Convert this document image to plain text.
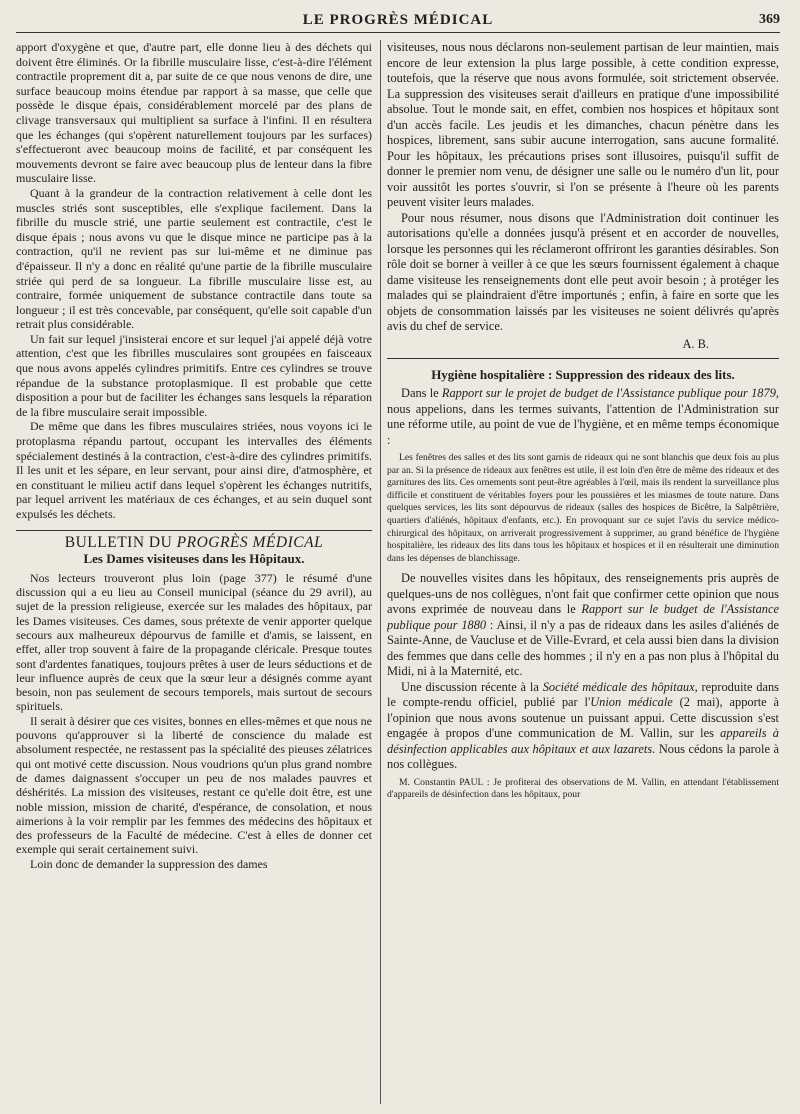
LE PROGRÈS MÉDICAL	369

apport d'oxygène et que, d'autre part, elle donne lieu à des déchets qui doivent être éliminés. Or la fibrille musculaire lisse, c'est-à-dire l'élément contractile proprement dit a, par suite de ce que nous venons de dire, une surface beaucoup moins étendue par rapport à sa masse, que celle que possède le disque épais, considérablement morcelé par des plans de clivage transversaux qui multiplient sa surface à l'infini. Il en résultera que les échanges (qui s'opèrent naturellement toujours par les surfaces) s'effectueront avec beaucoup moins de facilité, et par conséquent les mouvements devront se faire avec beaucoup plus de lenteur dans la fibre musculaire lisse.

Quant à la grandeur de la contraction relativement à celle dont les muscles striés sont susceptibles, elle s'explique facilement. Dans la fibrille du muscle strié, une partie seulement est contractile, c'est le disque épais ; nous avons vu que le disque mince ne participe pas à la contraction, qu'il ne revient pas sur lui-même et ne diminue pas d'épaisseur. Il n'y a donc en réalité qu'une partie de la fibrille musculaire striée qui perd de sa longueur. La fibrille musculaire lisse est, au contraire, formée uniquement de substance contractile dans toute sa longueur ; il est très concevable, par conséquent, qu'elle soit capable d'un retrait plus considérable.

Un fait sur lequel j'insisterai encore et sur lequel j'ai appelé déjà votre attention, c'est que les fibrilles musculaires sont groupées en faisceaux que nous avons appelés cylindres primitifs. Entre ces cylindres se trouve répandue de la substance protoplasmique. Il est probable que cette disposition a pour but de faciliter les échanges sans lesquels la réparation de la fibre musculaire serait impossible.

De même que dans les fibres musculaires striées, nous voyons ici le protoplasma répandu partout, occupant les intervalles des éléments spécialement destinés à la contraction, c'est-à-dire des cylindres primitifs. Il les unit et les sépare, en leur servant, pour ainsi dire, d'atmosphère, et en constituant le milieu actif dans lequel s'opèrent les échanges nutritifs, par lequel arrivent les matériaux de ces échanges, et au sein duquel sont expulsés les déchets.

BULLETIN DU PROGRÈS MÉDICAL
Les Dames visiteuses dans les Hôpitaux.

Nos lecteurs trouveront plus loin (page 377) le résumé d'une discussion qui a eu lieu au Conseil municipal (séance du 29 avril), au sujet de la pression religieuse, exercée sur les malades des hôpitaux, par les Dames visiteuses. Ces dames, sous prétexte de venir apporter quelque secours aux malheureux dépourvus de famille et d'amis, se laissent, en effet, aller trop souvent à faire de la propagande cléricale. Presque toutes sont d'ardentes fanatiques, toujours prêtes à user de leurs séductions et de leur influence auprès de ceux que la sœur leur a désignés comme ayant besoin, non pas seulement de secours temporels, mais surtout de secours spirituels.

Il serait à désirer que ces visites, bonnes en elles-mêmes et que nous ne pouvons qu'approuver si la liberté de conscience du malade est absolument respectée, ne restassent pas la spécialité des pieuses zélatrices qui ont motivé cette discussion. Nous voudrions qu'un plus grand nombre de dames daignassent s'occuper un peu de nos malades pauvres et déshérités. La mission des visiteuses, restant ce qu'elle doit être, est une noble mission, mission de charité, d'espérance, de consolation, et nous aimerions à la voir remplir par les femmes des médecins des hôpitaux et des professeurs de la Faculté de médecine. C'est à elles de donner cet exemple qui serait certainement suivi.

Loin donc de demander la suppression des dames

visiteuses, nous nous déclarons non-seulement partisan de leur maintien, mais encore de leur extension la plus large possible, à cette condition expresse, toutefois, que la réserve que nous avons formulée, soit strictement observée. La suppression des visiteuses serait d'ailleurs en pratique d'une impossibilité absolue. Tout le monde sait, en effet, combien nos hospices et hôpitaux sont d'un accès facile. Les jeudis et les dimanches, chacun pénètre dans les hospices, librement, sans subir aucune interrogation, sans aucune formalité. Pour les hôpitaux, les précautions prises sont illusoires, puisqu'il suffit de donner le premier nom venu, de désigner une salle ou le numéro d'un lit, pour voir aussitôt les portes s'ouvrir, si l'on se présente à l'heure où les parents peuvent visiter leurs malades.

Pour nous résumer, nous disons que l'Administration doit continuer les autorisations qu'elle a données jusqu'à présent et en accorder de nouvelles, lorsque les personnes qui les réclameront offriront les garanties désirables. Son rôle doit se borner à veiller à ce que les sœurs fournissent également à chaque dame visiteuse les renseignements dont elle peut avoir besoin ; à protéger les malades qui se plaindraient d'être importunés ; enfin, à faire en sorte que les objets de consommation laissés par les visiteuses ne soient délivrés qu'après avis du chef de service.

A. B.
Hygiène hospitalière : Suppression des rideaux des lits.

Dans le Rapport sur le projet de budget de l'Assistance publique pour 1879, nous appelions, dans les termes suivants, l'attention de l'Administration sur une réforme utile, au point de vue de l'hygiène, et en même temps économique :

Les fenêtres des salles et des lits sont garnis de rideaux qui ne sont blanchis que deux fois au plus par an. Si la présence de rideaux aux fenêtres est utile, il est loin d'en être de même des rideaux et des garnitures des lits. Ces ornements sont peut-être agréables à l'œil, mais ils rendent la surveillance plus difficile et constituent de véritables foyers pour les poussières et les miasmes de toute nature. Dans quelques services, les lits sont dépourvus de rideaux (salles des hospices de Bicêtre, la Salpêtrière, quartiers d'aliénés, hôpitaux d'enfants, etc.). En provoquant sur ce sujet l'avis du service médico-chirurgical des hôpitaux, on arriverait progressivement à supprimer, au grand bénéfice de l'hygiène hospitalière, les rideaux des lits dans tous les hôpitaux et hospices et il en résulterait une diminution dans les dépenses de blanchissage.

De nouvelles visites dans les hôpitaux, des renseignements pris auprès de quelques-uns de nos collègues, n'ont fait que confirmer cette opinion que nous avons exprimée de nouveau dans le Rapport sur le budget de l'Assistance publique pour 1880 : Ainsi, il n'y a pas de rideaux dans les asiles d'aliénés de Sainte-Anne, de Vaucluse et de Ville-Evrard, et cela aussi bien dans la division des femmes que dans celle des hommes ; il n'y en a pas non plus à l'hôpital du Midi, ni à la Maternité, etc.

Une discussion récente à la Société médicale des hôpitaux, reproduite dans le compte-rendu officiel, publié par l'Union médicale (2 mai), apporte à l'opinion que nous avons soutenue un puissant appui. Cette discussion s'est engagée à propos d'une communication de M. Vallin, sur les appareils à désinfection applicables aux hôpitaux et aux lazarets. Nous cédons la parole à nos collègues.

M. Constantin PAUL : Je profiterai des observations de M. Vallin, en attendant l'établissement d'appareils de désinfection dans les hôpitaux, pour
